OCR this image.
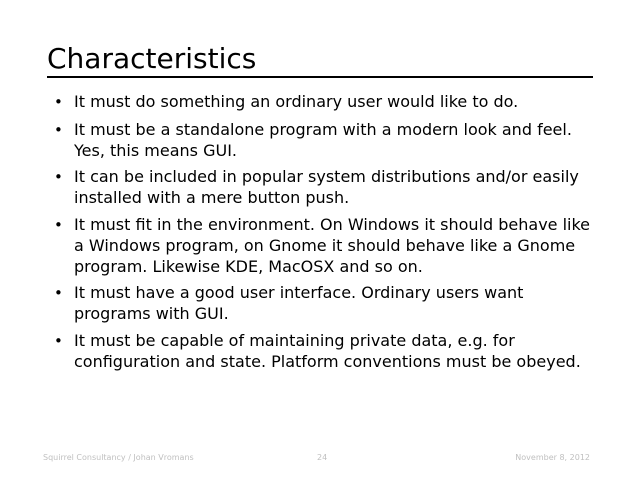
Characteristics
• It must do something an ordinary user would like to do.
• It must be a standalone program with a modern look and feel. Yes, this means GUI.
• It can be included in popular system distributions and/or easily installed with a mere button push.
• It must fit in the environment. On Windows it should behave like a Windows program, on Gnome it should behave like a Gnome program. Likewise KDE, MacOSX and so on.
• It must have a good user interface. Ordinary users want programs with GUI.
• It must be capable of maintaining private data, e.g. for configuration and state. Platform conventions must be obeyed.
Squirrel Consultancy / Johan Vromans	24	November 8, 2012
